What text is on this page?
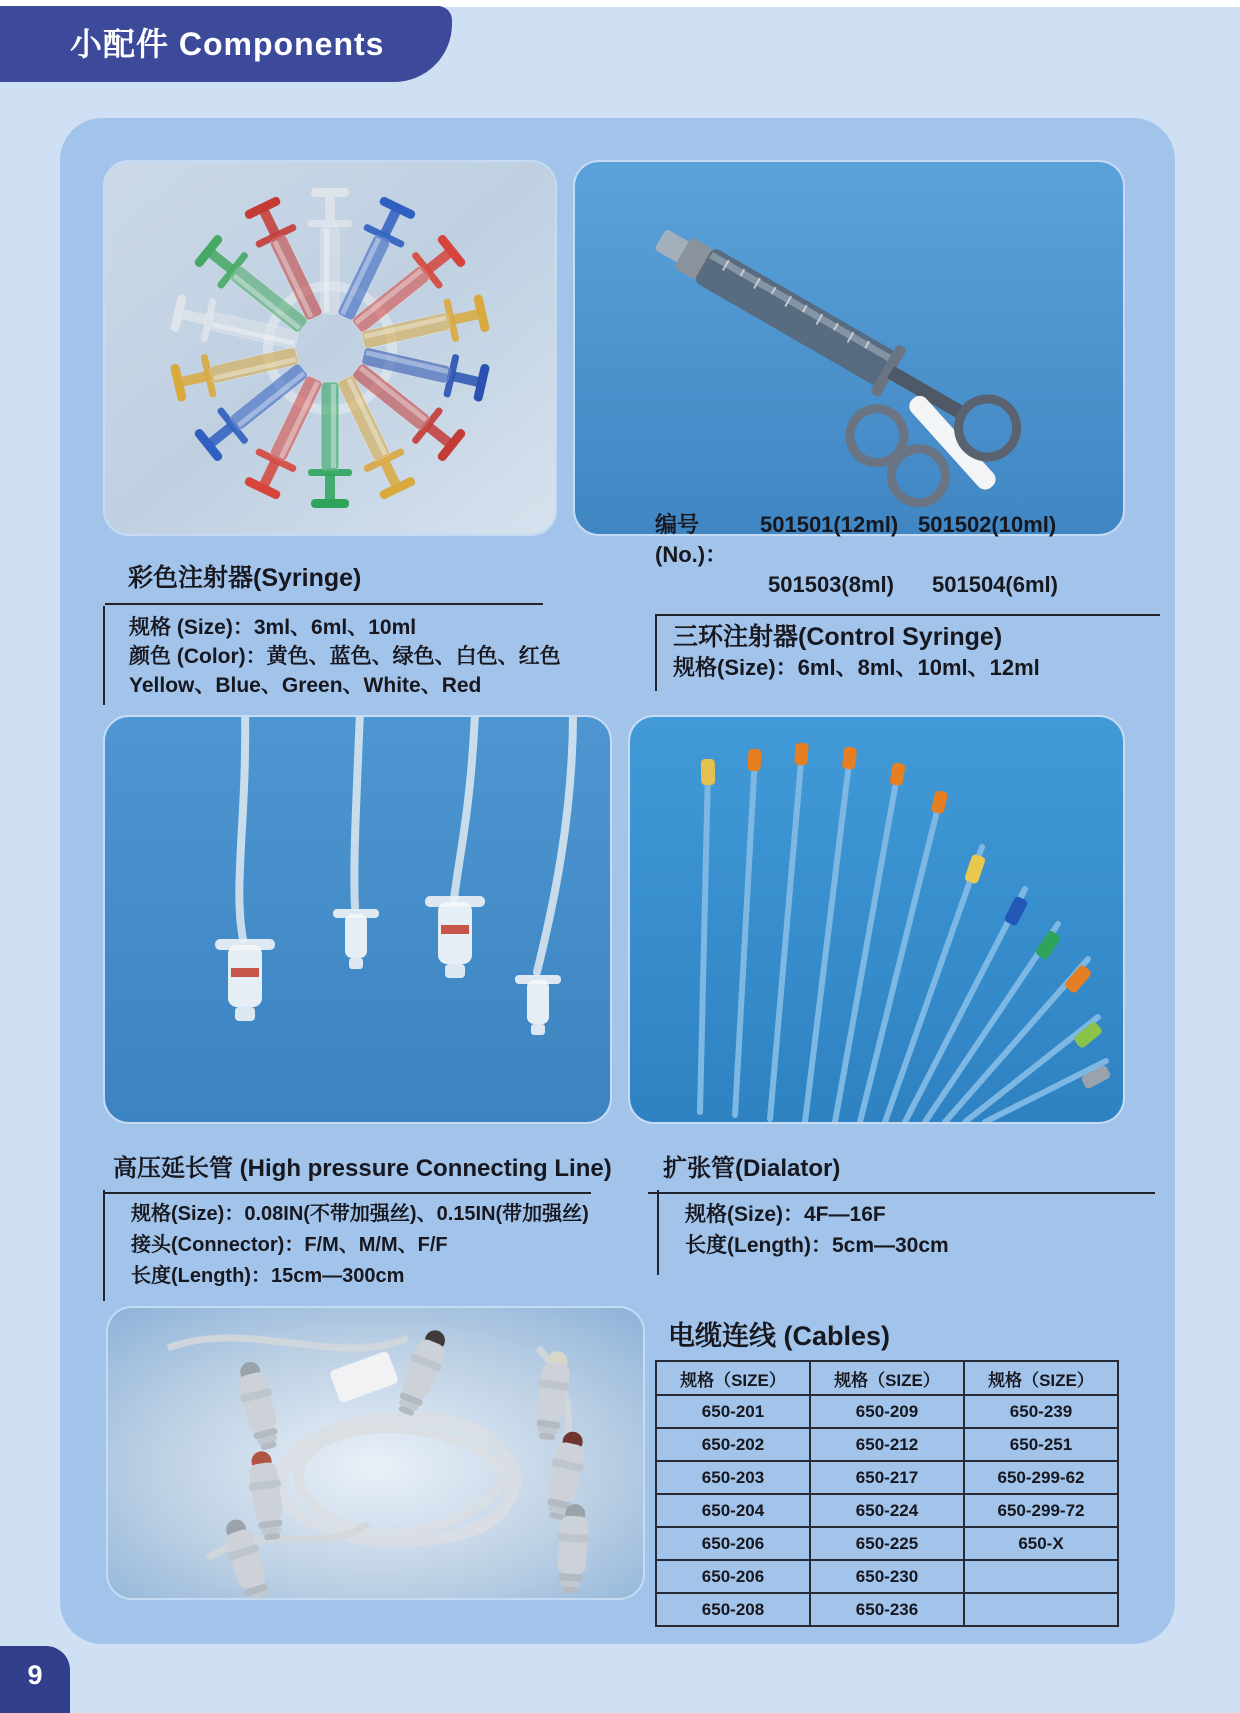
小配件 Components
彩色注射器(Syringe)
规格 (Size)：3ml、6ml、10ml
颜色 (Color)：黄色、蓝色、绿色、白色、红色
Yellow、Blue、Green、White、Red
编号(No.)：
501501(12ml) 501502(10ml)
501503(8ml)	501504(6ml)
三环注射器(Control Syringe)
规格(Size)：6ml、8ml、10ml、12ml
高压延长管 (High pressure Connecting Line)
规格(Size)：0.08IN(不带加强丝)、0.15IN(带加强丝)
接头(Connector)：F/M、M/M、F/F
长度(Length)：15cm—300cm
扩张管(Dialator)
规格(Size)：4F—16F
长度(Length)：5cm—30cm
电缆连线 (Cables)
规格（SIZE）	规格（SIZE）	规格（SIZE）
650-201	650-209	650-239
650-202	650-212	650-251
650-203	650-217	650-299-62
650-204	650-224	650-299-72
650-206	650-225	650-X
650-206	650-230	
650-208	650-236	
9
